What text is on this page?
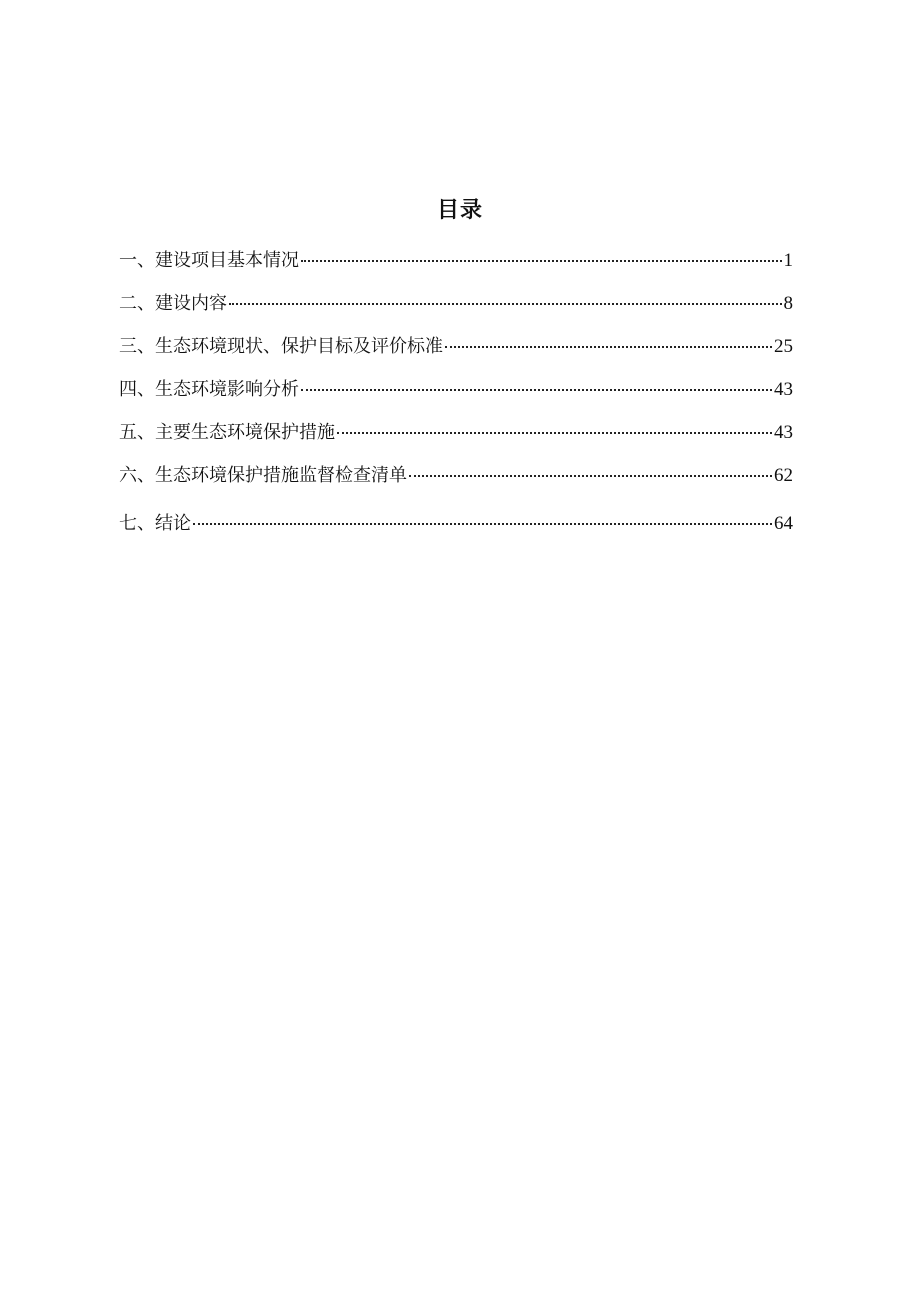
目录
一、建设项目基本情况	1
二、建设内容	8
三、生态环境现状、保护目标及评价标准	25
四、生态环境影响分析	43
五、主要生态环境保护措施	43
六、生态环境保护措施监督检查清单	62
七、结论	64
